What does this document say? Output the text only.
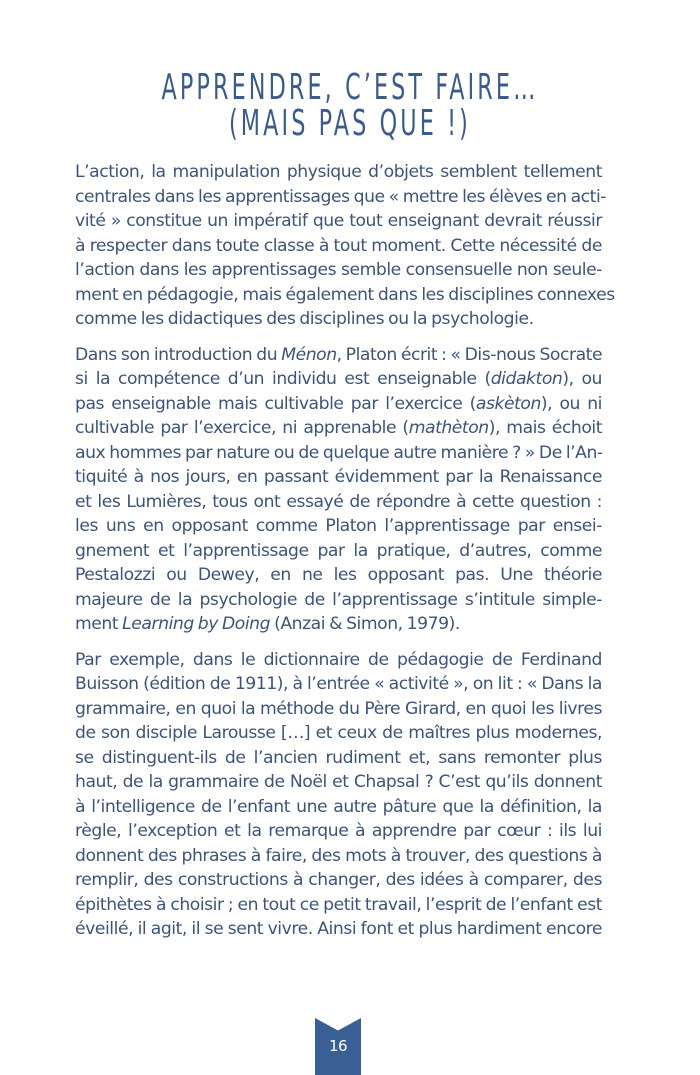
APPRENDRE, C’EST FAIRE…
(MAIS PAS QUE !)

L’action, la manipulation physique d’objets semblent tellement
centrales dans les apprentissages que « mettre les élèves en acti-
vité » constitue un impératif que tout enseignant devrait réussir
à respecter dans toute classe à tout moment. Cette nécessité de
l’action dans les apprentissages semble consensuelle non seule-
ment en pédagogie, mais également dans les disciplines connexes
comme les didactiques des disciplines ou la psychologie.

Dans son introduction du Ménon, Platon écrit : « Dis-nous Socrate
si la compétence d’un individu est enseignable (didakton), ou
pas enseignable mais cultivable par l’exercice (askèton), ou ni
cultivable par l’exercice, ni apprenable (mathèton), mais échoit
aux hommes par nature ou de quelque autre manière ? » De l’An-
tiquité à nos jours, en passant évidemment par la Renaissance
et les Lumières, tous ont essayé de répondre à cette question :
les uns en opposant comme Platon l’apprentissage par ensei-
gnement et l’apprentissage par la pratique, d’autres, comme
Pestalozzi ou Dewey, en ne les opposant pas. Une théorie
majeure de la psychologie de l’apprentissage s’intitule simple-
ment Learning by Doing (Anzai & Simon, 1979).

Par exemple, dans le dictionnaire de pédagogie de Ferdinand
Buisson (édition de 1911), à l’entrée « activité », on lit : « Dans la
grammaire, en quoi la méthode du Père Girard, en quoi les livres
de son disciple Larousse […] et ceux de maîtres plus modernes,
se distinguent-ils de l’ancien rudiment et, sans remonter plus
haut, de la grammaire de Noël et Chapsal ? C’est qu’ils donnent
à l’intelligence de l’enfant une autre pâture que la définition, la
règle, l’exception et la remarque à apprendre par cœur : ils lui
donnent des phrases à faire, des mots à trouver, des questions à
remplir, des constructions à changer, des idées à comparer, des
épithètes à choisir ; en tout ce petit travail, l’esprit de l’enfant est
éveillé, il agit, il se sent vivre. Ainsi font et plus hardiment encore

16
